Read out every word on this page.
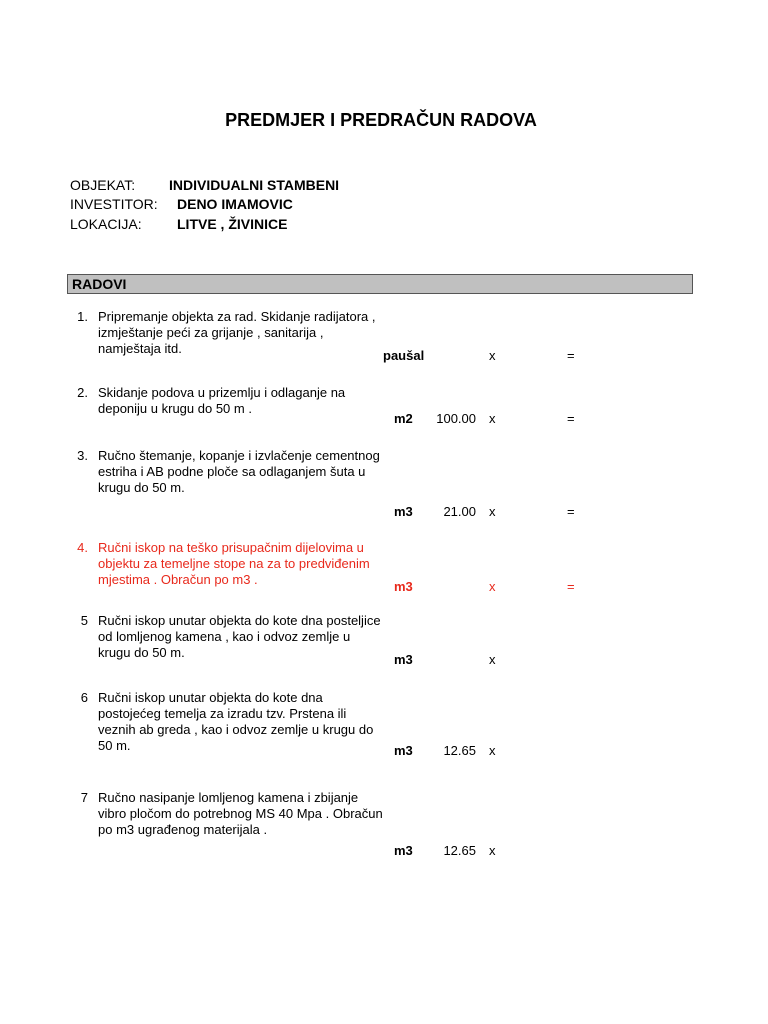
PREDMJER I PREDRAČUN RADOVA
OBJEKAT: INDIVIDUALNI STAMBENI
INVESTITOR: DENO IMAMOVIC
LOKACIJA:	LITVE , ŽIVINICE
RADOVI
1. Pripremanje objekta za rad. Skidanje radijatora , izmještanje peći za grijanje , sanitarija , namještaja itd.	paušal	x	=
2. Skidanje podova u prizemlju i odlaganje na deponiju u krugu do 50 m .
m2	100.00 x	=
3. Ručno štemanje, kopanje i izvlačenje cementnog estriha i AB podne ploče sa odlaganjem šuta u krugu do 50 m.
m3	21.00 x	=
4. Ručni iskop na teško prisupačnim dijelovima u objektu za temeljne stope na za to predviđenim mjestima . Obračun po m3 .	m3	x	=
5 Ručni iskop unutar objekta do kote dna posteljice od lomljenog kamena , kao i odvoz zemlje u krugu do 50 m.	m3	x
6 Ručni iskop unutar objekta do kote dna postojećeg temelja za izradu tzv. Prstena ili veznih ab greda , kao i odvoz zemlje u krugu do 50 m.	m3	12.65 x
7 Ručno nasipanje lomljenog kamena i zbijanje vibro pločom do potrebnog MS 40 Mpa . Obračun po m3 ugrađenog materijala .
m3	12.65 x
